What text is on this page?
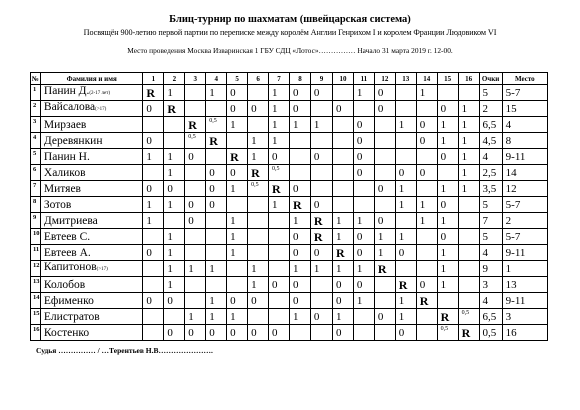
Блиц-турнир по шахматам (швейцарская система)
Посвящён 900-летию первой партии по переписке между королём Англии Генрихом I и королем Франции Людовиком VI
Место проведения Москва Изваринская 1 ГБУ СДЦ «Лотос»…………… Начало 31 марта 2019 г. 12-00.
№	Фамилия и имя	1	2	3	4	5	6	7	8	9	10	11	12	13	14	15	16	Очки	Место
1	Панин Д.(2-17 лет)	R	1		1	0		1	0	0		1	0		1			5	5-7
2	Вайсалова(>17)	0	R			0	0	1	0		0		0			0	1	2	15
3	Мирзаев			R	0,5	1		1	1	1		0		1	0	1	1	6,5	4
4	Деревянкин	0		0,5	R		1	1				0			0	1	1	4,5	8
5	Панин Н.	1	1	0		R	1	0		0		0				0	1	4	9-11
6	Халиков		1		0	0	R	0,5				0		0	0		1	2,5	14
7	Митяев	0	0		0	1	0,5	R	0				0	1		1	1	3,5	12
8	Зотов	1	1	0	0			1	R	0				1	1	0		5	5-7
9	Дмитриева	1		0		1			1	R	1	1	0		1	1		7	2
10	Евтеев С.		1			1			0	R	1	0	1	1		0		5	5-7
11	Евтеев А.	0	1			1			0	0	R	0	1	0		1		4	9-11
12	Капитонов(>17)		1	1	1		1		1	1	1	1	R			1		9	1
13	Колобов		1				1	0	0		0	0		R	0	1		3	13
14	Ефименко	0	0		1	0	0		0		0	1		1	R			4	9-11
15	Елистратов			1	1	1			1	0	1		0	1		R	0,5	6,5	3
16	Костенко		0	0	0	0	0	0			0			0		0,5	R	0,5	16
Судья …………… / …Терентьев Н.В………………….
